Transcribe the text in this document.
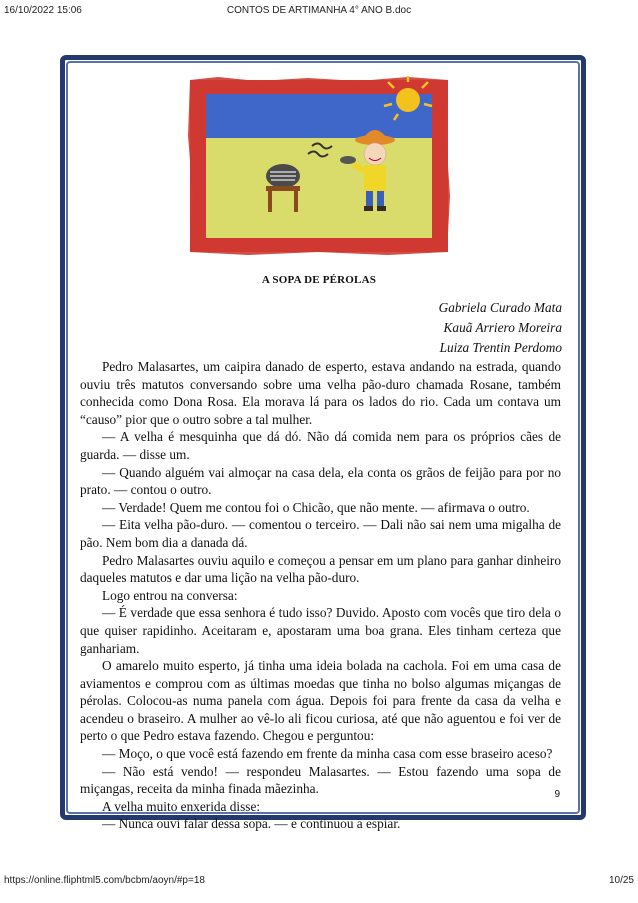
16/10/2022 15:06	CONTOS DE ARTIMANHA 4° ANO B.doc
A SOPA DE PÉROLAS
Gabriela Curado Mata
Kauã Arriero Moreira
Luiza Trentin Perdomo

Pedro Malasartes, um caipira danado de esperto, estava andando na estrada, quando ouviu três matutos conversando sobre uma velha pão-duro chamada Rosane, também conhecida como Dona Rosa. Ela morava lá para os lados do rio. Cada um contava um “causo” pior que o outro sobre a tal mulher.

— A velha é mesquinha que dá dó. Não dá comida nem para os próprios cães de guarda. — disse um.

— Quando alguém vai almoçar na casa dela, ela conta os grãos de feijão para por no prato. — contou o outro.

— Verdade! Quem me contou foi o Chicão, que não mente. — afirmava o outro.

— Eita velha pão-duro. — comentou o terceiro. — Dali não sai nem uma migalha de pão. Nem bom dia a danada dá.

Pedro Malasartes ouviu aquilo e começou a pensar em um plano para ganhar dinheiro daqueles matutos e dar uma lição na velha pão-duro.

Logo entrou na conversa:

— É verdade que essa senhora é tudo isso? Duvido. Aposto com vocês que tiro dela o que quiser rapidinho. Aceitaram e, apostaram uma boa grana. Eles tinham certeza que ganhariam.

O amarelo muito esperto, já tinha uma ideia bolada na cachola. Foi em uma casa de aviamentos e comprou com as últimas moedas que tinha no bolso algumas miçangas de pérolas. Colocou-as numa panela com água. Depois foi para frente da casa da velha e acendeu o braseiro. A mulher ao vê-lo ali ficou curiosa, até que não aguentou e foi ver de perto o que Pedro estava fazendo. Chegou e perguntou:

— Moço, o que você está fazendo em frente da minha casa com esse braseiro aceso?

— Não está vendo! — respondeu Malasartes. — Estou fazendo uma sopa de miçangas, receita da minha finada mãezinha.

A velha muito enxerida disse:

— Nunca ouvi falar dessa sopa. — e continuou a espiar.

9
https://online.fliphtml5.com/bcbm/aoyn/#p=18	10/25
